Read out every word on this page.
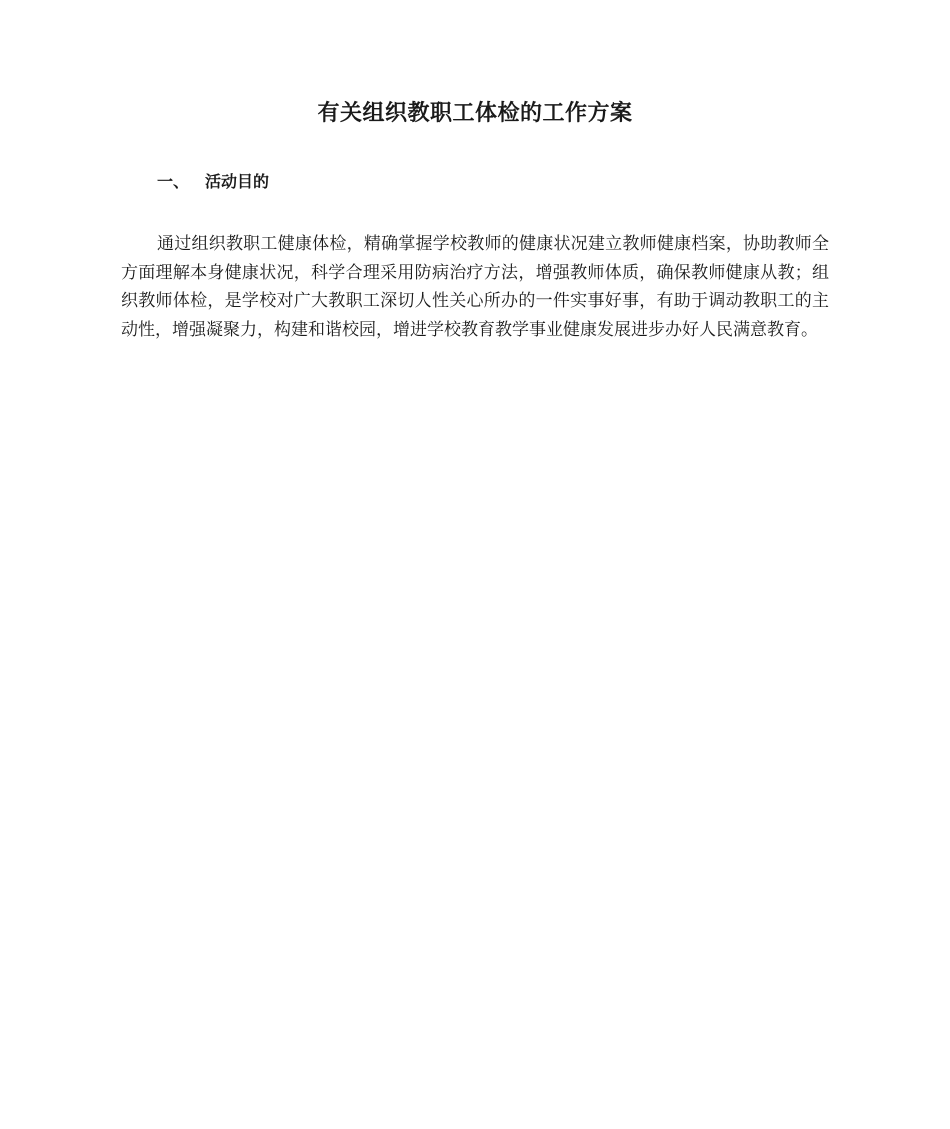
有关组织教职工体检的工作方案
一、 活动目的

通过组织教职工健康体检，精确掌握学校教师的健康状况建立教师健康档案，协助教师全方面理解本身健康状况，科学合理采用防病治疗方法，增强教师体质，确保教师健康从教；组织教师体检，是学校对广大教职工深切人性关心所办的一件实事好事，有助于调动教职工的主动性，增强凝聚力，构建和谐校园，增进学校教育教学事业健康发展进步办好人民满意教育。
